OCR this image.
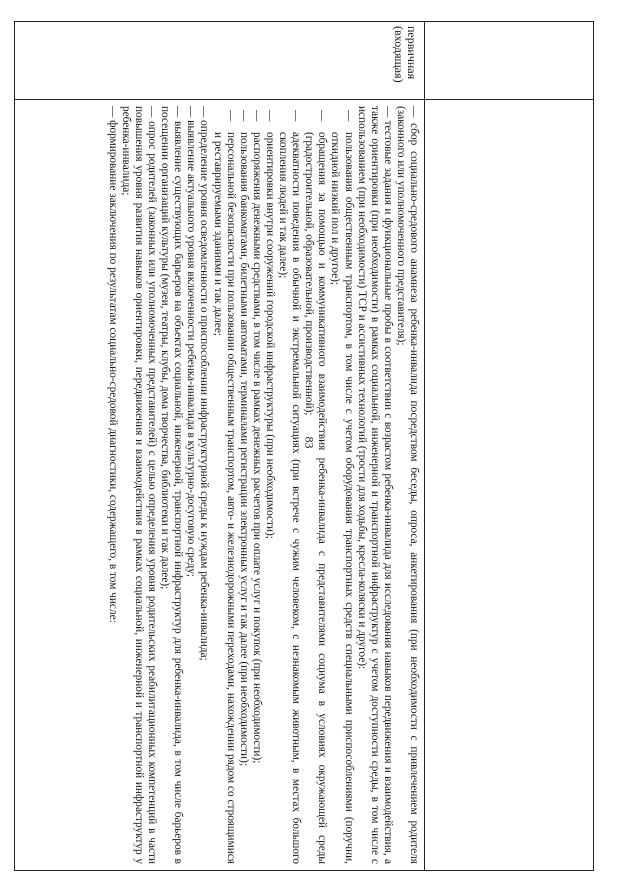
83
первичная
(входящая)

— сбор социально-средового анамнеза ребенка-инвалида посредством беседы, опроса, анкетирования (при необходимости с привлечением родителя (законного или уполномоченного представителя);

— тестовые задания и функциональные пробы в соответствии с возрастом ребенка-инвалида для исследования навыков передвижения и взаимодействия, а также ориентировки (при необходимости) в рамках социальной, инженерной и транспортной инфраструктур с учетом доступности среды, в том числе с использованием (при необходимости) ТСР и ассистивных технологий (трости для ходьбы, кресла-коляски и другое):

—
пользования общественным транспортом, в том числе с учетом оборудования транспортных средств специальными приспособлениями (поручни, откидной низкий пол и другое);
—
обращения за помощью и коммуникативного взаимодействия ребенка-инвалида с представителями социума в условиях окружающей среды (градостроительной, образовательной, производственной);
—
адекватности поведения в обычной и экстремальной ситуациях (при встрече с чужим человеком, с незнакомым животным, в местах большого скопления людей и так далее);
—
ориентировки внутри сооружений городской инфраструктуры (при необходимости);
—
распоряжения денежными средствами, в том числе в рамках денежных расчетов при оплате услуг и покупок (при необходимости);
—
пользования банкоматами, билетными автоматами, терминалами регистрации электронных услуг и так далее (при необходимости);
—
персональной безопасности при пользовании общественным транспортом, авто- и железнодорожными переходами, нахождении рядом со строящимися и реставрируемыми зданиями и так далее;

— определение уровня осведомленности о приспособлении инфраструктурной среды к нуждам ребенка-инвалида;

— выявление актуального уровня включенности ребенка-инвалида в культурно-досуговую среду;

— выявление существующих барьеров на объектах социальной, инженерной, транспортной инфраструктур для ребенка-инвалида, в том числе барьеров в посещении организаций культуры (музеи, театры, клубы, дома творчества, библиотеки и так далее);

— опрос родителей (законных или уполномоченных представителей) с целью определения уровня родительских реабилитационных компетенций в части повышения уровня развития навыков ориентировки, передвижения и взаимодействия в рамках социальной, инженерной и транспортной инфраструктур у ребенка-инвалида;

— формирование заключения по результатам социально-средовой диагностики, содержащего, в том числе:
